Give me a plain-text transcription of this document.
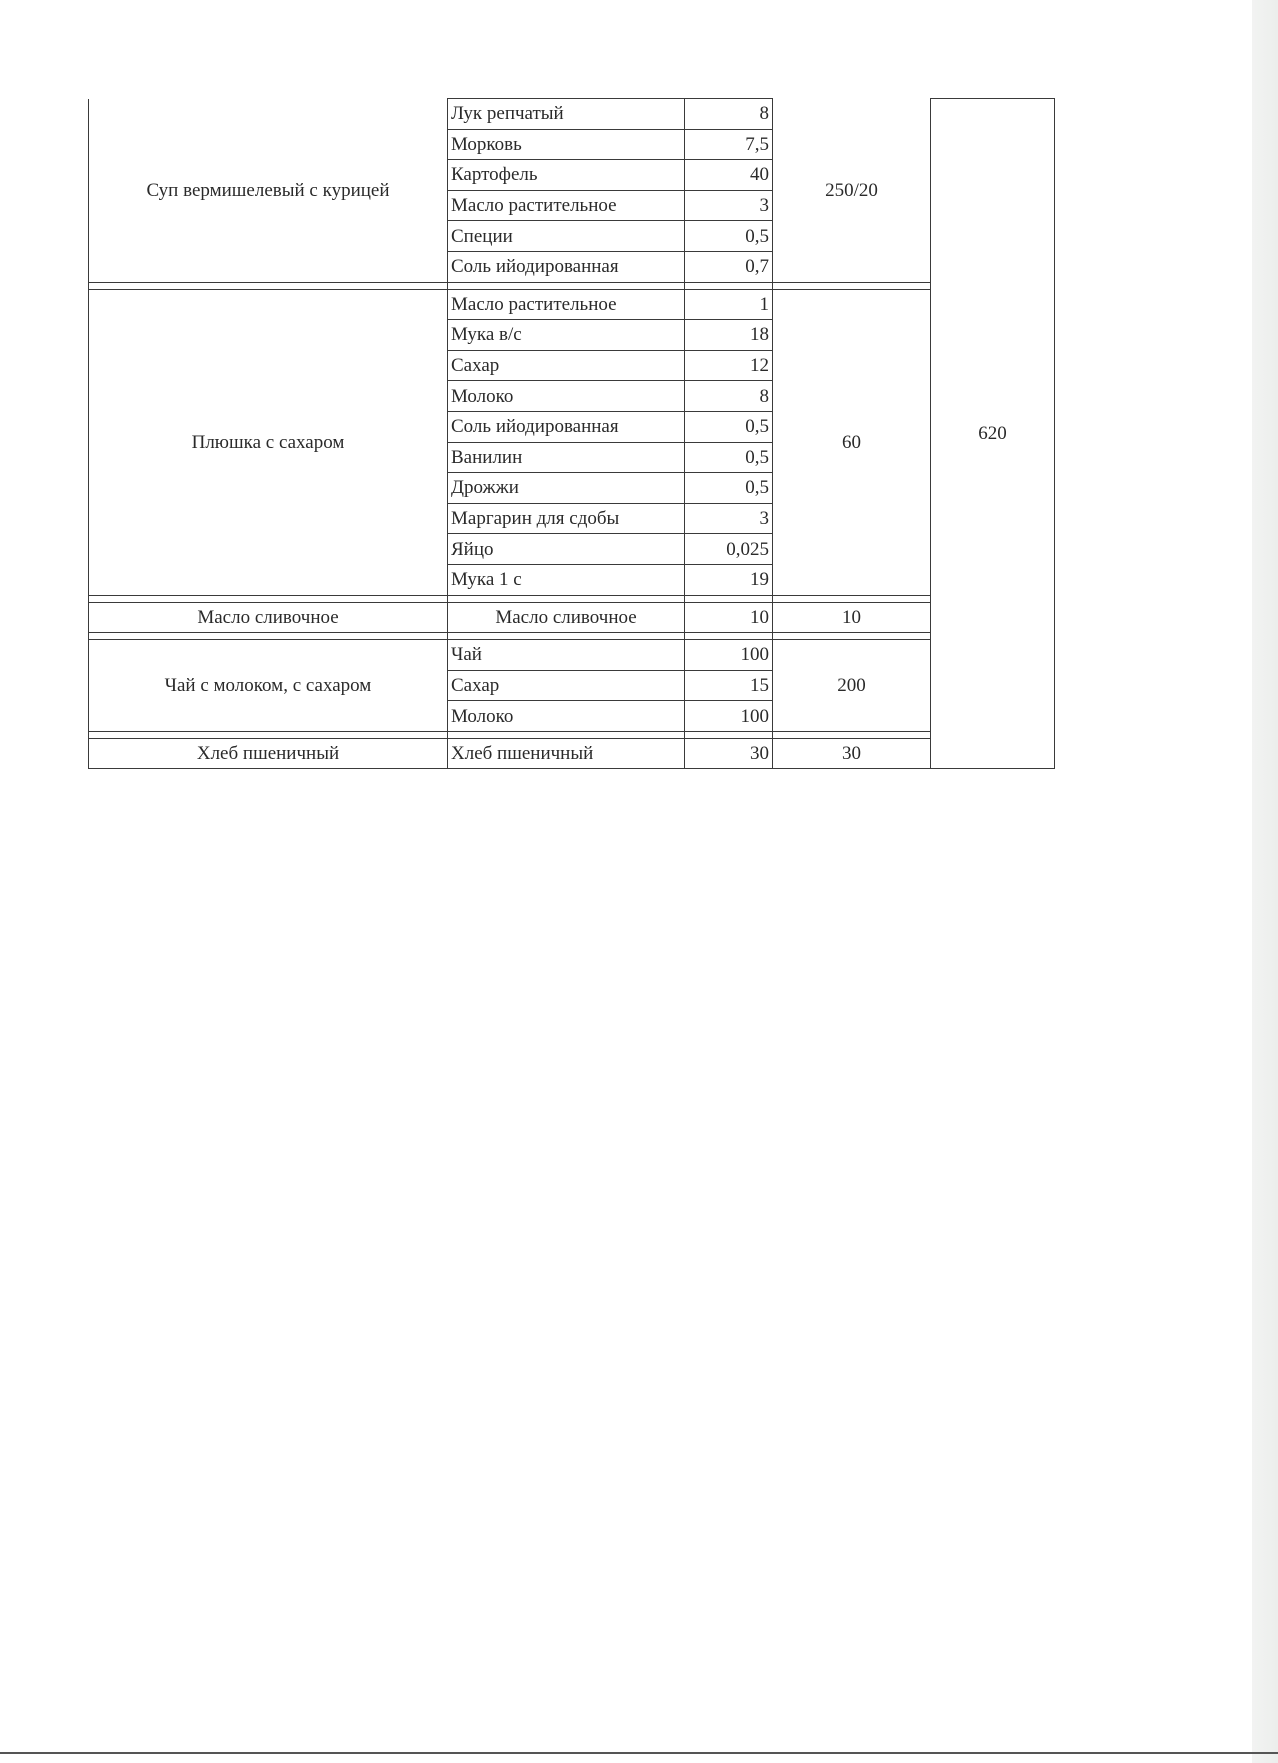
Суп вермишелевый с курицей	Лук репчатый	8	250/20	620
	Морковь	7,5		
	Картофель	40		
	Масло растительное	3		
	Специи	0,5		
	Соль ийодированная	0,7		

Плюшка с сахаром	Масло растительное	1	60	
	Мука в/с	18		
	Сахар	12		
	Молоко	8		
	Соль ийодированная	0,5		
	Ванилин	0,5		
	Дрожжи	0,5		
	Маргарин для сдобы	3		
	Яйцо	0,025		
	Мука 1 с	19		

Масло сливочное	Масло сливочное	10	10	

Чай с молоком, с сахаром	Чай	100	200	
	Сахар	15		
	Молоко	100		

Хлеб пшеничный	Хлеб пшеничный	30	30	
